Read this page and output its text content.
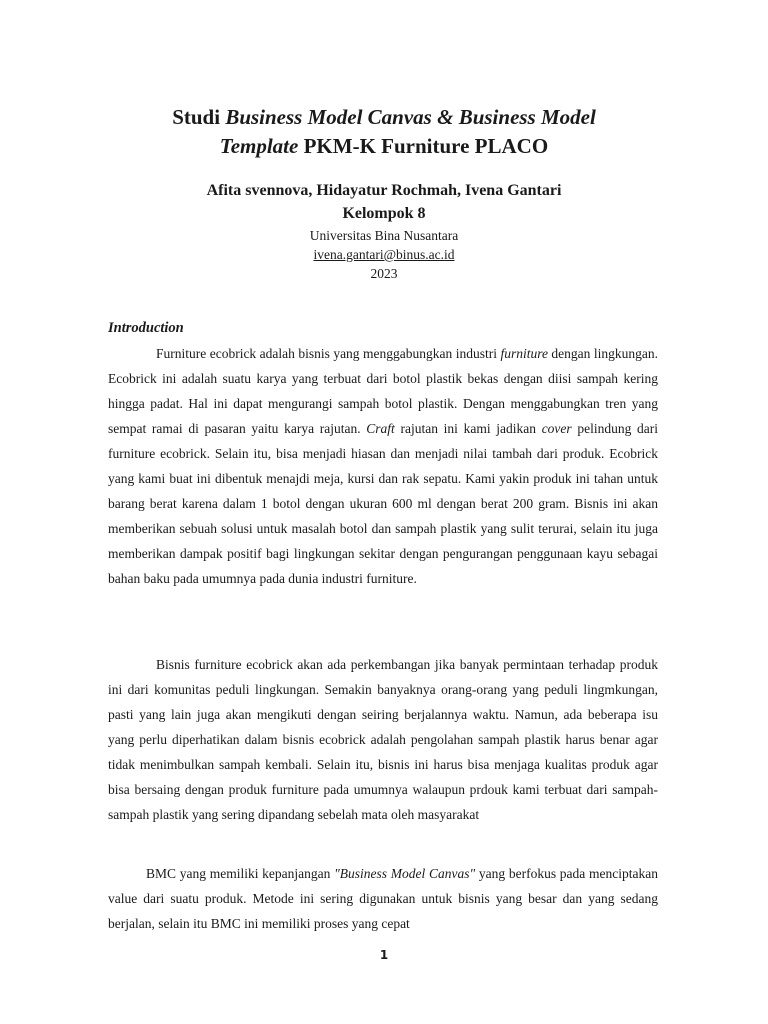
Studi Business Model Canvas & Business Model
Template PKM-K Furniture PLACO
Afita svennova, Hidayatur Rochmah, Ivena Gantari
Kelompok 8
Universitas Bina Nusantara
ivena.gantari@binus.ac.id
2023
Introduction
Furniture ecobrick adalah bisnis yang menggabungkan industri furniture dengan lingkungan. Ecobrick ini adalah suatu karya yang terbuat dari botol plastik bekas dengan diisi sampah kering hingga padat. Hal ini dapat mengurangi sampah botol plastik. Dengan menggabungkan tren yang sempat ramai di pasaran yaitu karya rajutan. Craft rajutan ini kami jadikan cover pelindung dari furniture ecobrick. Selain itu, bisa menjadi hiasan dan menjadi nilai tambah dari produk. Ecobrick yang kami buat ini dibentuk menajdi meja, kursi dan rak sepatu. Kami yakin produk ini tahan untuk barang berat karena dalam 1 botol dengan ukuran 600 ml dengan berat 200 gram. Bisnis ini akan memberikan sebuah solusi untuk masalah botol dan sampah plastik yang sulit terurai, selain itu juga memberikan dampak positif bagi lingkungan sekitar dengan pengurangan penggunaan kayu sebagai bahan baku pada umumnya pada dunia industri furniture.
Bisnis furniture ecobrick akan ada perkembangan jika banyak permintaan terhadap produk ini dari komunitas peduli lingkungan. Semakin banyaknya orang-orang yang peduli lingmkungan, pasti yang lain juga akan mengikuti dengan seiring berjalannya waktu. Namun, ada beberapa isu yang perlu diperhatikan dalam bisnis ecobrick adalah pengolahan sampah plastik harus benar agar tidak menimbulkan sampah kembali. Selain itu, bisnis ini harus bisa menjaga kualitas produk agar bisa bersaing dengan produk furniture pada umumnya walaupun prdouk kami terbuat dari sampah-sampah plastik yang sering dipandang sebelah mata oleh masyarakat
BMC yang memiliki kepanjangan "Business Model Canvas" yang berfokus pada menciptakan value dari suatu produk. Metode ini sering digunakan untuk bisnis yang besar dan yang sedang berjalan, selain itu BMC ini memiliki proses yang cepat
1
